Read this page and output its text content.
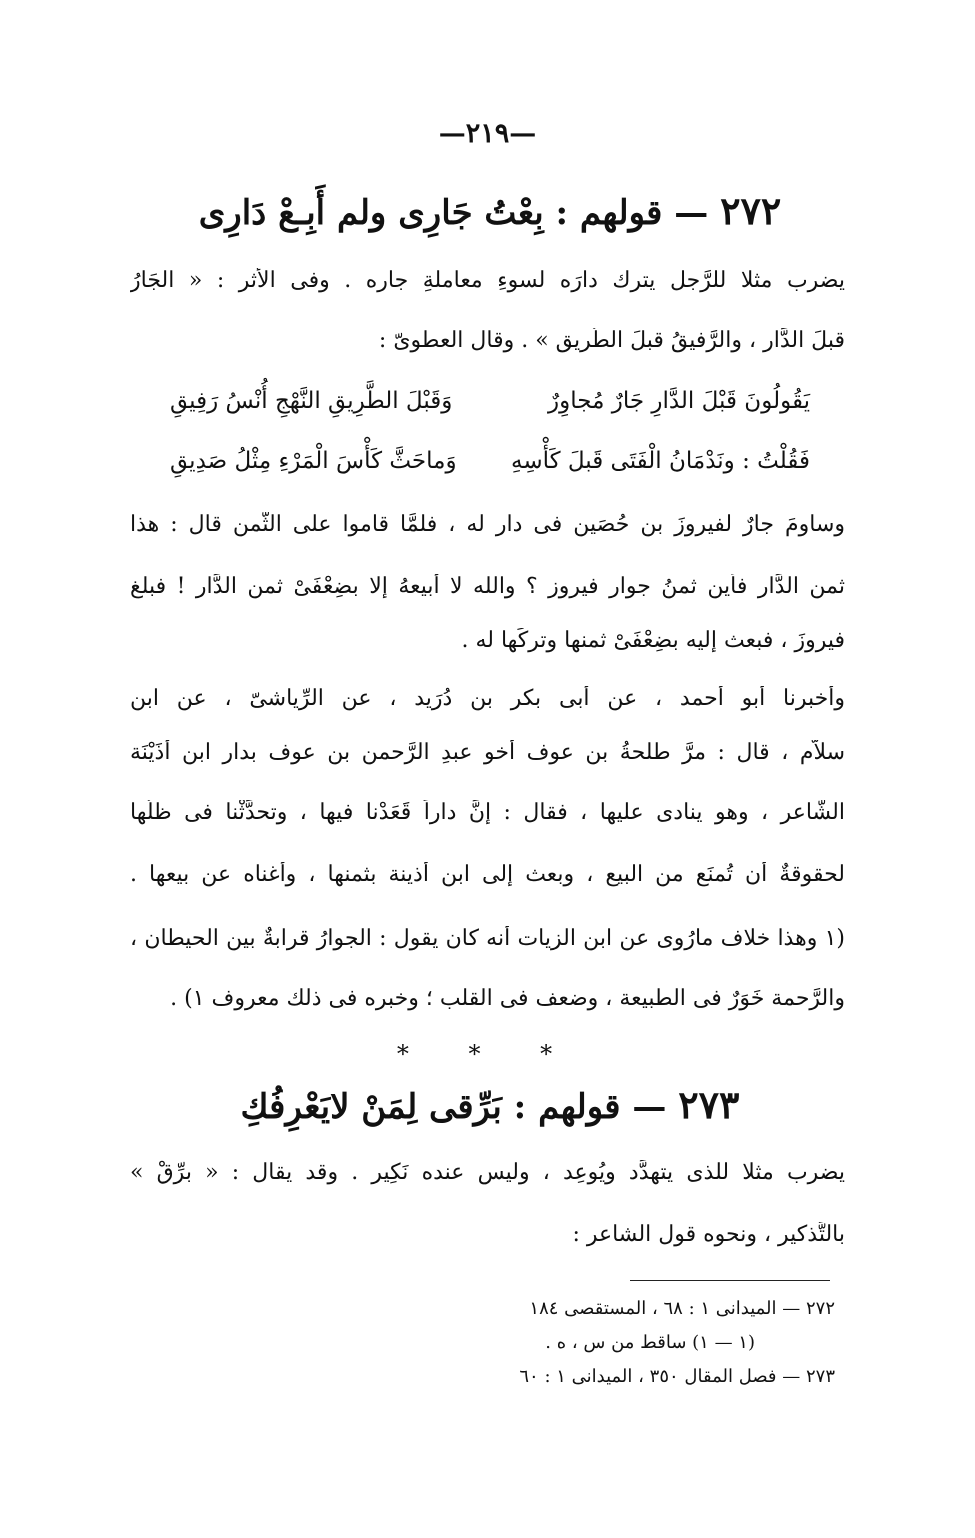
—٢١٩—
٢٧٢ — قولهم : بِعْتُ جَارِى ولم أَبِـعْ دَارِى
يضرب مثلا للرَّجل يترك دارَه لسوءِ معاملةِ جاره . وفى الأثر : « الجَارُ
قبلَ الدَّار ، والرَّفيقُ قبلَ الطَّريق » . وقال العطوىّ :
يَقُولُونَ قَبْلَ الدَّارِ جَارٌ مُجاوِرٌ
وَقَبْلَ الطَّرِيقِ النَّهْجِ أُنْسُ رَفِيقِ
فَقُلْتُ : ونَدْمَانُ الْفَتَى قَبلَ كَأْسِهِ
وَماحَثَّ كَأْسَ الْمَرْءِ مِثْلُ صَدِيقِ
وساومَ جارٌ لفيروزَ بن حُصَين فى دار له ، فلمَّا قاموا على الثَّمن قال : هذا
ثمن الدَّار فأين ثمنُ جوار فيروز ؟ والله لا أبيعهُ إلا بضِعْفَىْ ثمن الدَّار ! فبلغ
فيروزَ ، فبعث إليه بضِعْفَىْ ثمنها وتركَها له .
وأخبرنا أبو أحمد ، عن أبى بكر بن دُرَيد ، عن الرِّياشىّ ، عن ابن
سلاَّم ، قال : مرَّ طلحةُ بن عوف أخو عبدِ الرَّحمن بن عوف بدار ابن أُذَيْنَة
الشَّاعر ، وهو ينادى عليها ، فقال : إنَّ داراً قَعَدْنا فيها ، وتحدَّثْنا فى ظلّها
لحقوقةٌ أن تُمنَع من البيع ، وبعث إلى ابن أذينة بثمنها ، وأغناه عن بيعها .
(١ وهذا خلاف مارُوى عن ابن الزيات أنه كان يقول : الجوارُ قرابةٌ بين الحيطان ،
والرَّحمة خَوَرٌ فى الطبيعة ، وضعف فى القلب ؛ وخبره فى ذلك معروف ١) .
* * *
٢٧٣ — قولهم : بَرِّقى لِمَنْ لايَعْرِفُكِ
يضرب مثلا للذى يتهدَّد ويُوعِد ، وليس عنده نَكِير . وقد يقال : « برِّقْ »
بالتَّذكير ، ونحوه قول الشاعر :
٢٧٢ — الميدانى ١ : ٦٨ ، المستقصى ١٨٤
(١ — ١) ساقط من س ، ه .
٢٧٣ — فصل المقال ٣٥٠ ، الميدانى ١ : ٦٠
